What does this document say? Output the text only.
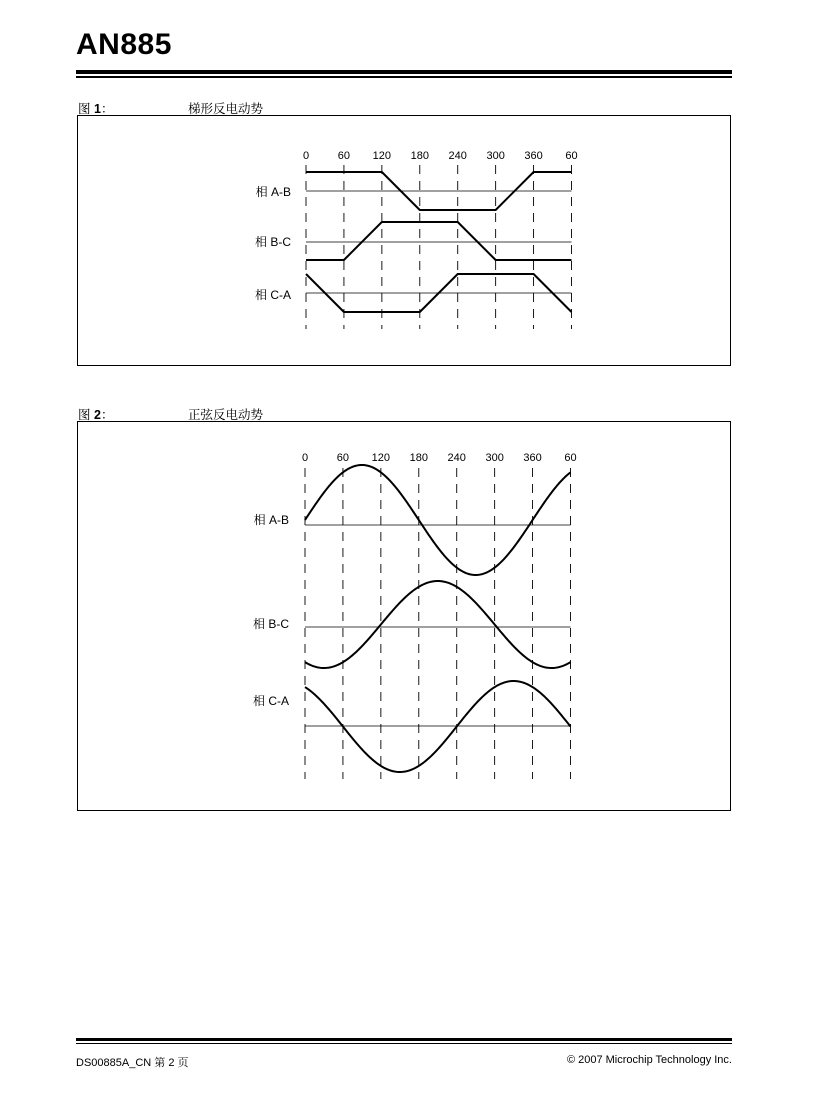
AN885
图 1：	梯形反电动势
0	60 120 180 240 300 360 60
相 A-B
相 B-C
相 C-A
图 2：	正弦反电动势
0	60 120 180 240 300 360 60
相 A-B
相 B-C
相 C-A
DS00885A_CN 第 2 页	© 2007 Microchip Technology Inc.
